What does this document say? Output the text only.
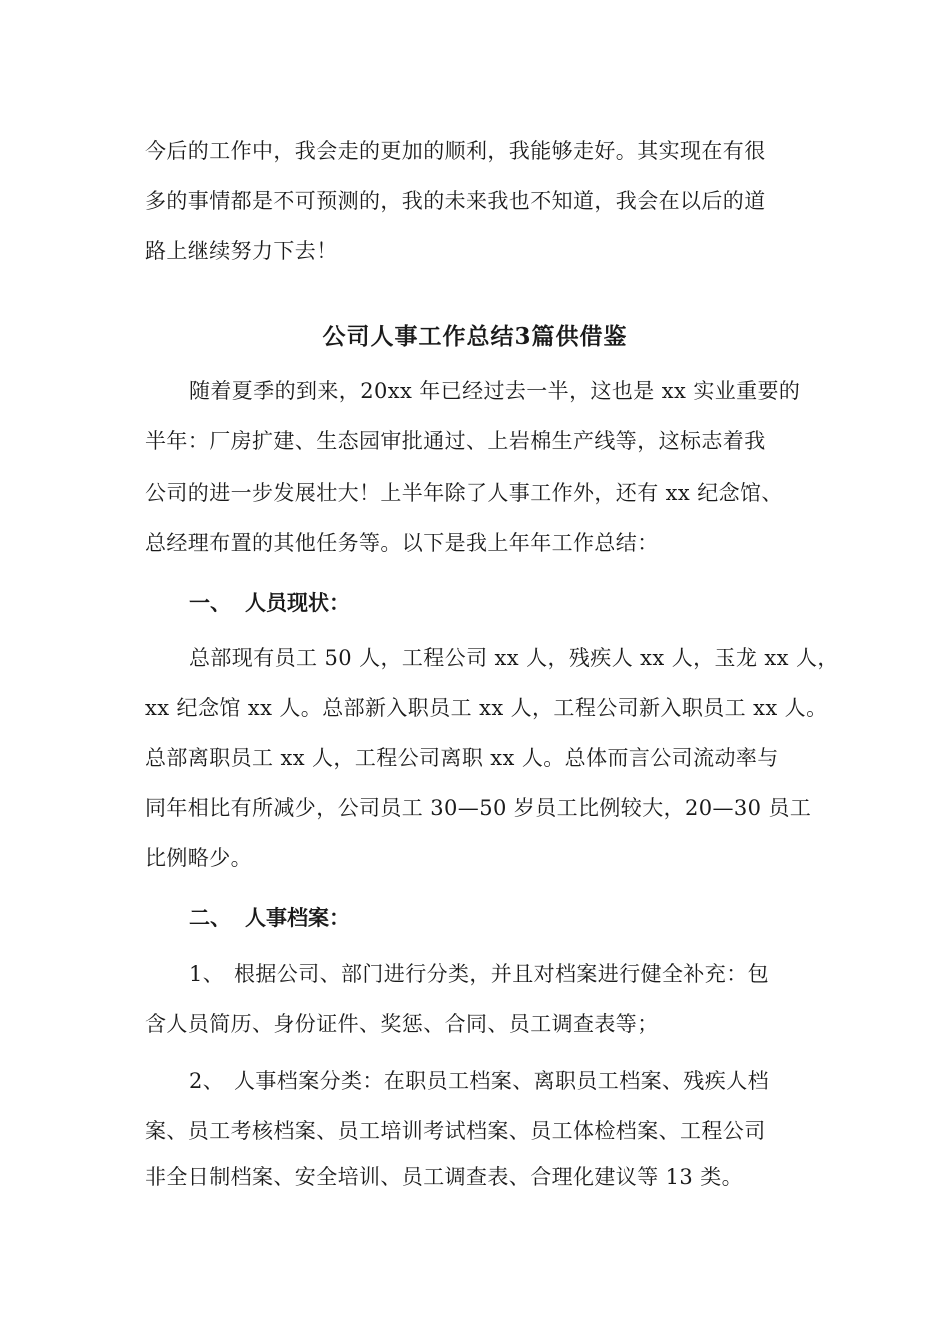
今后的工作中，我会走的更加的顺利，我能够走好。其实现在有很
多的事情都是不可预测的，我的未来我也不知道，我会在以后的道
路上继续努力下去！
公司人事工作总结3篇供借鉴
随着夏季的到来，20xx 年已经过去一半，这也是 xx 实业重要的
半年：厂房扩建、生态园审批通过、上岩棉生产线等，这标志着我
公司的进一步发展壮大！上半年除了人事工作外，还有 xx 纪念馆、
总经理布置的其他任务等。以下是我上年年工作总结：
一、 人员现状：
总部现有员工 50 人，工程公司 xx 人，残疾人 xx 人，玉龙 xx 人，
xx 纪念馆 xx 人。总部新入职员工 xx 人，工程公司新入职员工 xx 人。
总部离职员工 xx 人，工程公司离职 xx 人。总体而言公司流动率与
同年相比有所减少，公司员工 30—50 岁员工比例较大，20—30 员工
比例略少。
二、 人事档案：
1、 根据公司、部门进行分类，并且对档案进行健全补充：包
含人员简历、身份证件、奖惩、合同、员工调查表等；
2、 人事档案分类：在职员工档案、离职员工档案、残疾人档
案、员工考核档案、员工培训考试档案、员工体检档案、工程公司
非全日制档案、安全培训、员工调查表、合理化建议等 13 类。
